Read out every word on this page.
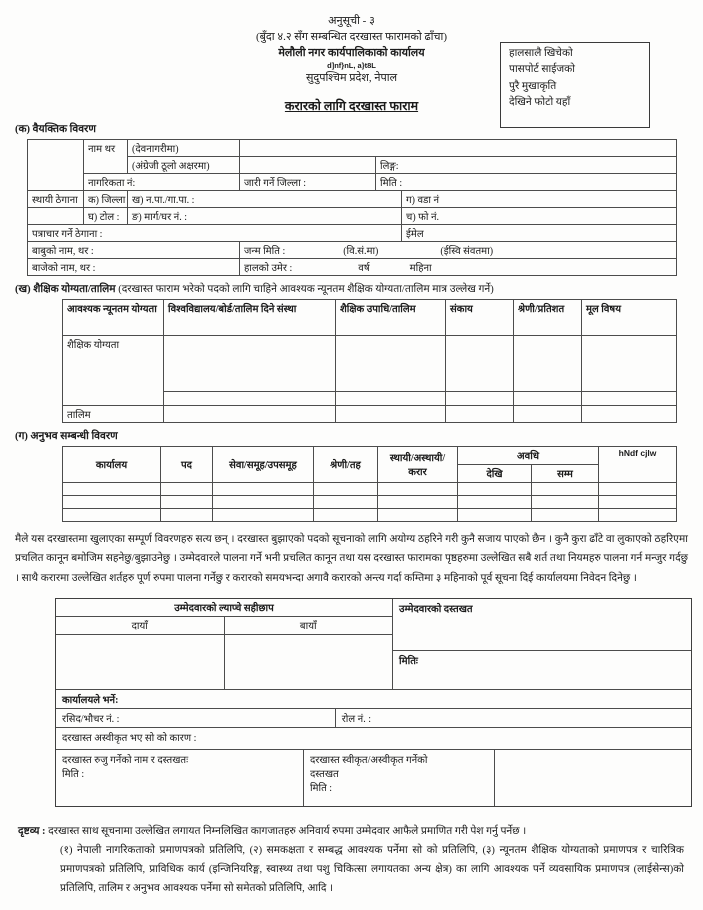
अनुसूची - ३
(बुँदा ४.२ सँग सम्बन्धित दरखास्त फारामको ढाँचा)
मेलौली नगर कार्यपालिकाको कार्यालय
d]nf}nL, a}t8L
सुदुपश्चिम प्रदेश, नेपाल
करारको लागि दरखास्त फाराम
हालसालै खिचेको
पासपोर्ट साईजको
पुरै मुखाकृति
देखिने फोटो यहाँ
(क) वैयक्तिक विवरण
	नाम थर	(देवनागरीमा)			
		(अंग्रेजी ठूलो अक्षरमा)		लिङ्ग:	
	नागरिकता नं:		जारी गर्ने जिल्ला :	मिति :	
स्थायी ठेगाना	क) जिल्ला	ख) न.पा./गा.पा. :			ग) वडा नं
	घ) टोल :	ङ) मार्ग/घर नं. :			च) फो नं.
पत्राचार गर्ने ठेगाना :					ईमेल
बाबुको नाम, थर :			जन्म मिति : (वि.सं.मा) (ईस्वि संवतमा)		

बाजेको नाम, थर :			हालको उमेर : वर्ष महिना		
(ख) शैक्षिक योग्यता/तालिम (दरखास्त फाराम भरेको पदको लागि चाहिने आवश्यक न्यूनतम शैक्षिक योग्यता/तालिम मात्र उल्लेख गर्ने)
आवश्यक न्यूनतम योग्यता	विश्वविद्यालय/बोर्ड/तालिम दिने संस्था	शैक्षिक उपाधि/तालिम	संकाय	श्रेणी/प्रतिशत	मूल विषय
शैक्षिक योग्यता					

तालिम					
(ग) अनुभव सम्बन्धी विवरण
कार्यालय	पद	सेवा/समूह/उपसमूह	श्रेणी/तह	स्थायी/अस्थायी/करार	अवधि		hNdf cjlw
					देखि	सम्म	

मैले यस दरखास्तमा खुलाएका सम्पूर्ण विवरणहरु सत्य छन् । दरखास्त बुझाएको पदको सूचनाको लागि अयोग्य ठहरिने गरी कुनै सजाय पाएको छैन । कुनै कुरा ढाँटे वा लुकाएको ठहरिएमा प्रचलित कानून बमोजिम सहनेछु/बुझाउनेछु । उम्मेदवारले पालना गर्ने भनी प्रचलित कानून तथा यस दरखास्त फारामका पृष्ठहरुमा उल्लेखित सबै शर्त तथा नियमहरु पालना गर्न मन्जुर गर्दछु । साथै करारमा उल्लेखित शर्तहरु पूर्ण रुपमा पालना गर्नेछु र करारको समयभन्दा अगावै करारको अन्त्य गर्दा कम्तिमा ३ महिनाको पूर्व सूचना दिई कार्यालयमा निवेदन दिनेछु ।
उम्मेदवारको ल्याप्चे सहीछाप	
दायाँ	बायाँ

उम्मेदवारको दस्तखत
मितिः
कार्यालयले भर्ने:
रसिद/भौचर नं. :	रोल नं. :
दरखास्त अस्वीकृत भए सो को कारण :
दरखास्त रुजु गर्नेको नाम र दस्तखतः
मिति :
दरखास्त स्वीकृत/अस्वीकृत गर्नेको
दस्तखत
मिति :
दृष्टव्य : दरखास्त साथ सूचनामा उल्लेखित लगायत निम्नलिखित कागजातहरु अनिवार्य रुपमा उम्मेदवार आफैले प्रमाणित गरी पेश गर्नु पर्नेछ ।
(१) नेपाली नागरिकताको प्रमाणपत्रको प्रतिलिपि, (२) समकक्षता र सम्बद्ध आवश्यक पर्नेमा सो को प्रतिलिपि, (३) न्यूनतम शैक्षिक योग्यताको प्रमाणपत्र र चारित्रिक प्रमाणपत्रको प्रतिलिपि, प्राविधिक कार्य (इन्जिनियरिङ्ग, स्वास्थ्य तथा पशु चिकित्सा लगायतका अन्य क्षेत्र) का लागि आवश्यक पर्ने व्यवसायिक प्रमाणपत्र (लाईसेन्स)को प्रतिलिपि, तालिम र अनुभव आवश्यक पर्नेमा सो समेतको प्रतिलिपि, आदि ।
